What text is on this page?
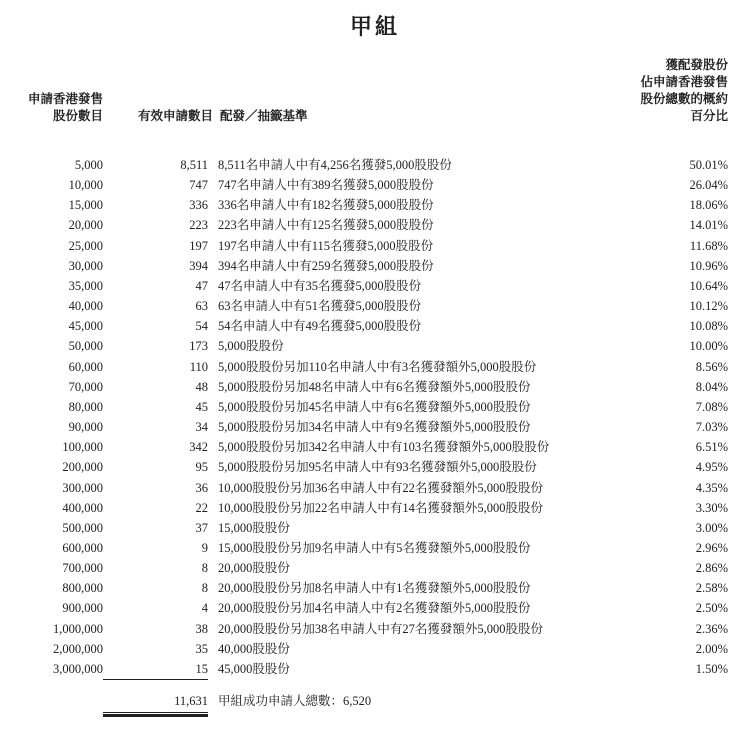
甲組
申請香港發售
股份數目	有效申請數目 配發／抽籤基準
獲配發股份
佔申請香港發售
股份總數的概約
百分比
5,000	8,511 8,511名申請人中有4,256名獲發5,000股股份	50.01%
10,000	747 747名申請人中有389名獲發5,000股股份	26.04%
15,000	336 336名申請人中有182名獲發5,000股股份	18.06%
20,000	223 223名申請人中有125名獲發5,000股股份	14.01%
25,000	197 197名申請人中有115名獲發5,000股股份	11.68%
30,000	394 394名申請人中有259名獲發5,000股股份	10.96%
35,000	47 47名申請人中有35名獲發5,000股股份	10.64%
40,000	63 63名申請人中有51名獲發5,000股股份	10.12%
45,000	54 54名申請人中有49名獲發5,000股股份	10.08%
50,000	173 5,000股股份	10.00%
60,000	110 5,000股股份另加110名申請人中有3名獲發額外5,000股股份	8.56%
70,000	48 5,000股股份另加48名申請人中有6名獲發額外5,000股股份	8.04%
80,000	45 5,000股股份另加45名申請人中有6名獲發額外5,000股股份	7.08%
90,000	34 5,000股股份另加34名申請人中有9名獲發額外5,000股股份	7.03%
100,000	342 5,000股股份另加342名申請人中有103名獲發額外5,000股股份	6.51%
200,000	95 5,000股股份另加95名申請人中有93名獲發額外5,000股股份	4.95%
300,000	36 10,000股股份另加36名申請人中有22名獲發額外5,000股股份	4.35%
400,000	22 10,000股股份另加22名申請人中有14名獲發額外5,000股股份	3.30%
500,000	37 15,000股股份	3.00%
600,000	9 15,000股股份另加9名申請人中有5名獲發額外5,000股股份	2.96%
700,000	8 20,000股股份	2.86%
800,000	8 20,000股股份另加8名申請人中有1名獲發額外5,000股股份	2.58%
900,000	4 20,000股股份另加4名申請人中有2名獲發額外5,000股股份	2.50%
1,000,000	38 20,000股股份另加38名申請人中有27名獲發額外5,000股股份	2.36%
2,000,000	35 40,000股股份	2.00%
3,000,000	15 45,000股股份	1.50%
11,631 甲組成功申請人總數：6,520
